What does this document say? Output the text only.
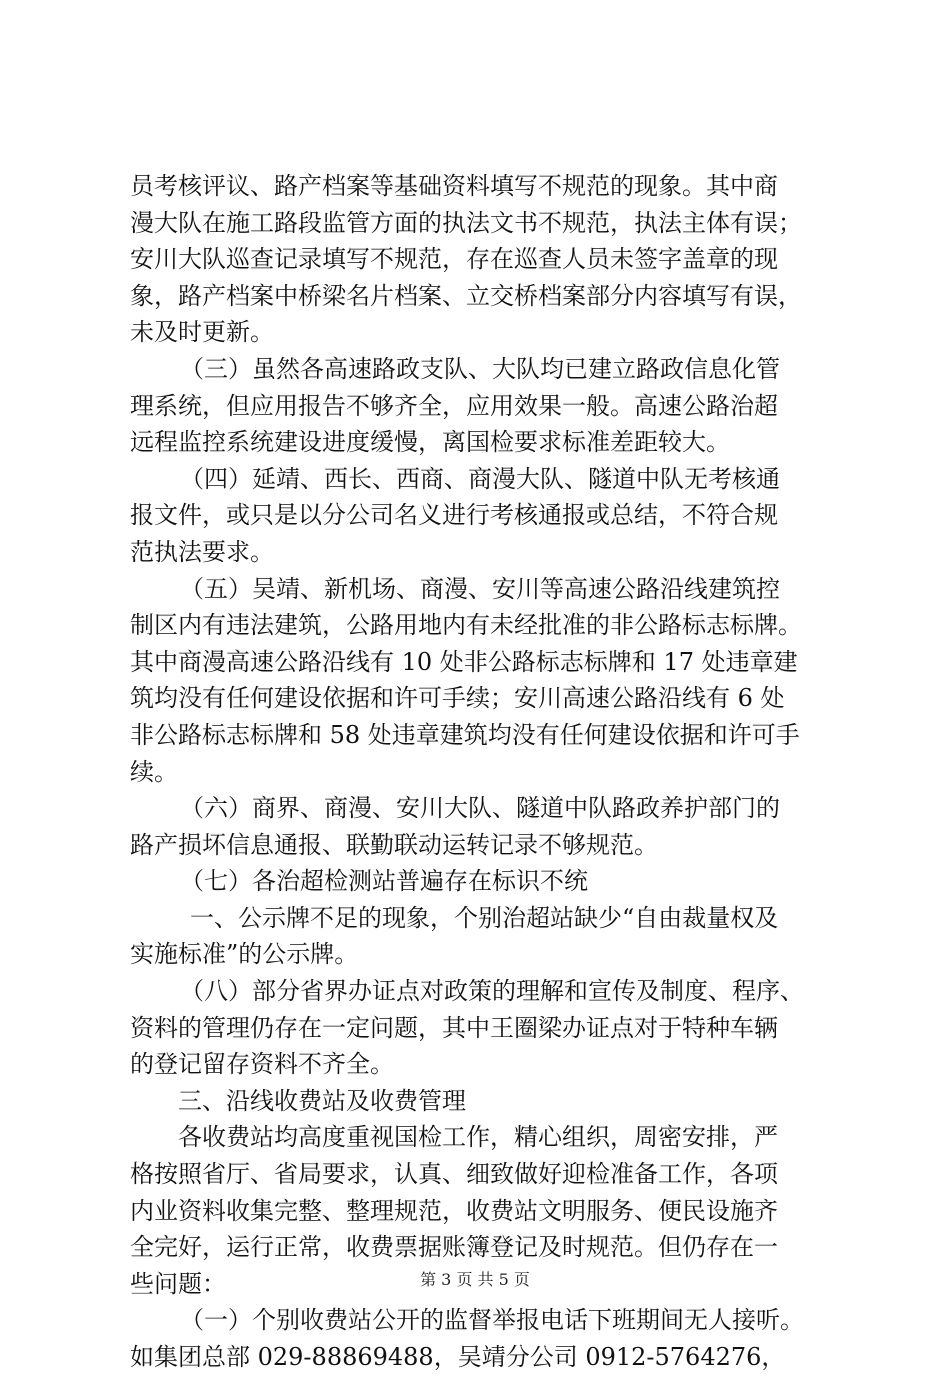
员考核评议、路产档案等基础资料填写不规范的现象。其中商
漫大队在施工路段监管方面的执法文书不规范，执法主体有误；
安川大队巡查记录填写不规范，存在巡查人员未签字盖章的现
象，路产档案中桥梁名片档案、立交桥档案部分内容填写有误，
未及时更新。
（三）虽然各高速路政支队、大队均已建立路政信息化管
理系统，但应用报告不够齐全，应用效果一般。高速公路治超
远程监控系统建设进度缓慢，离国检要求标准差距较大。
（四）延靖、西长、西商、商漫大队、隧道中队无考核通
报文件，或只是以分公司名义进行考核通报或总结，不符合规
范执法要求。
（五）吴靖、新机场、商漫、安川等高速公路沿线建筑控
制区内有违法建筑，公路用地内有未经批准的非公路标志标牌。
其中商漫高速公路沿线有 10 处非公路标志标牌和 17 处违章建
筑均没有任何建设依据和许可手续；安川高速公路沿线有 6 处
非公路标志标牌和 58 处违章建筑均没有任何建设依据和许可手
续。
（六）商界、商漫、安川大队、隧道中队路政养护部门的
路产损坏信息通报、联勤联动运转记录不够规范。
（七）各治超检测站普遍存在标识不统
一、公示牌不足的现象，个别治超站缺少“自由裁量权及
实施标准”的公示牌。
（八）部分省界办证点对政策的理解和宣传及制度、程序、
资料的管理仍存在一定问题，其中王圈梁办证点对于特种车辆
的登记留存资料不齐全。
三、沿线收费站及收费管理
各收费站均高度重视国检工作，精心组织，周密安排，严
格按照省厅、省局要求，认真、细致做好迎检准备工作，各项
内业资料收集完整、整理规范，收费站文明服务、便民设施齐
全完好，运行正常，收费票据账簿登记及时规范。但仍存在一
些问题：
（一）个别收费站公开的监督举报电话下班期间无人接听。
如集团总部 029-88869488，吴靖分公司 0912-5764276，
第 3 页 共 5 页
